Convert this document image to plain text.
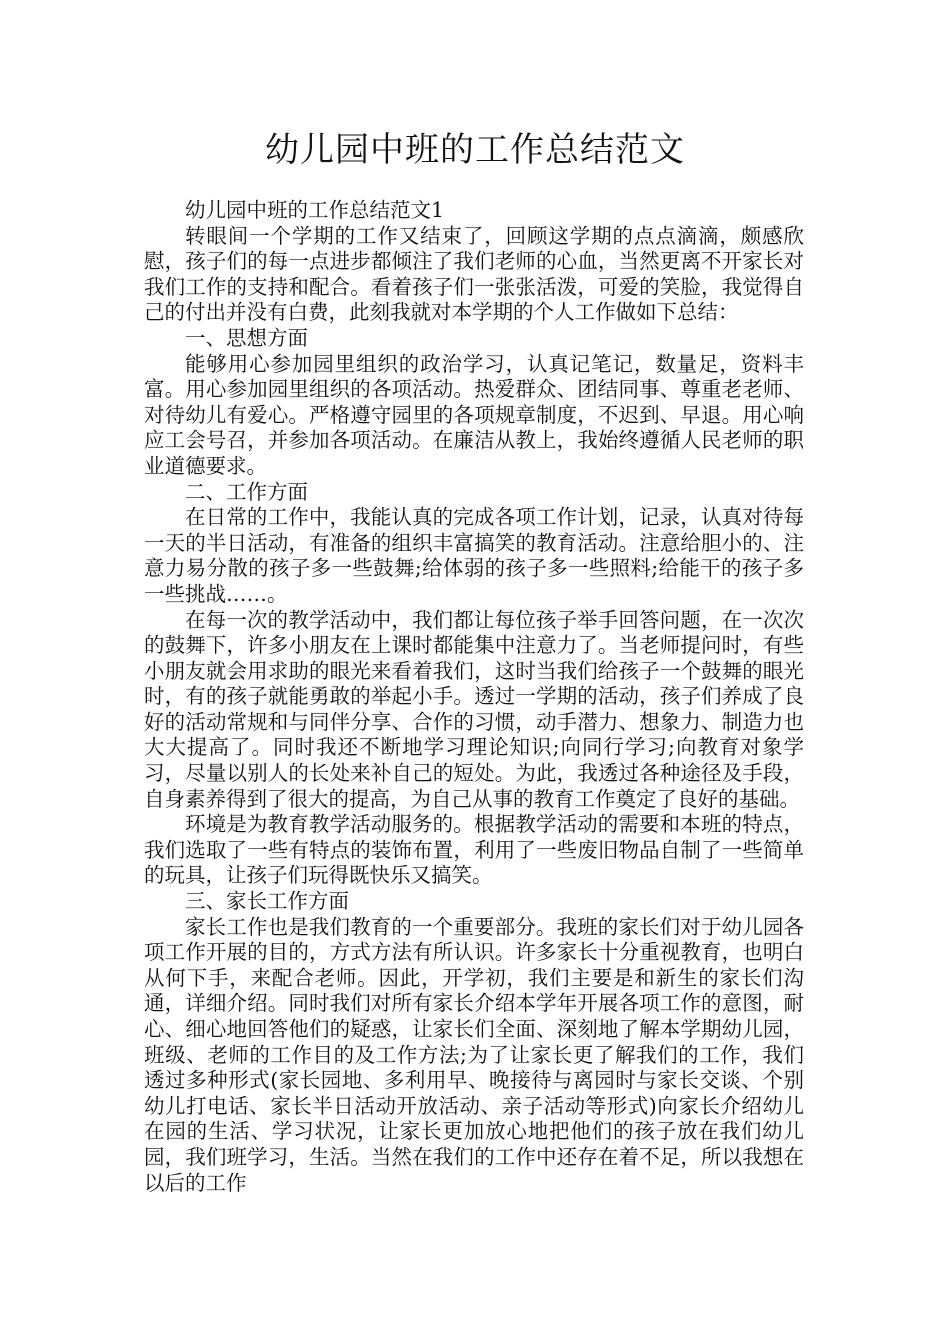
幼儿园中班的工作总结范文

幼儿园中班的工作总结范文1

转眼间一个学期的工作又结束了，回顾这学期的点点滴滴，颇感欣慰，孩子们的每一点进步都倾注了我们老师的心血，当然更离不开家长对我们工作的支持和配合。看着孩子们一张张活泼，可爱的笑脸，我觉得自己的付出并没有白费，此刻我就对本学期的个人工作做如下总结：

一、思想方面

能够用心参加园里组织的政治学习，认真记笔记，数量足，资料丰富。用心参加园里组织的各项活动。热爱群众、团结同事、尊重老老师、对待幼儿有爱心。严格遵守园里的各项规章制度，不迟到、早退。用心响应工会号召，并参加各项活动。在廉洁从教上，我始终遵循人民老师的职业道德要求。

二、工作方面

在日常的工作中，我能认真的完成各项工作计划，记录，认真对待每一天的半日活动，有准备的组织丰富搞笑的教育活动。注意给胆小的、注意力易分散的孩子多一些鼓舞;给体弱的孩子多一些照料;给能干的孩子多一些挑战……。

在每一次的教学活动中，我们都让每位孩子举手回答问题，在一次次的鼓舞下，许多小朋友在上课时都能集中注意力了。当老师提问时，有些小朋友就会用求助的眼光来看着我们，这时当我们给孩子一个鼓舞的眼光时，有的孩子就能勇敢的举起小手。透过一学期的活动，孩子们养成了良好的活动常规和与同伴分享、合作的习惯，动手潜力、想象力、制造力也大大提高了。同时我还不断地学习理论知识;向同行学习;向教育对象学习，尽量以别人的长处来补自己的短处。为此，我透过各种途径及手段，自身素养得到了很大的提高，为自己从事的教育工作奠定了良好的基础。

环境是为教育教学活动服务的。根据教学活动的需要和本班的特点，我们选取了一些有特点的装饰布置，利用了一些废旧物品自制了一些简单的玩具，让孩子们玩得既快乐又搞笑。

三、家长工作方面

家长工作也是我们教育的一个重要部分。我班的家长们对于幼儿园各项工作开展的目的，方式方法有所认识。许多家长十分重视教育，也明白从何下手，来配合老师。因此，开学初，我们主要是和新生的家长们沟通，详细介绍。同时我们对所有家长介绍本学年开展各项工作的意图，耐心、细心地回答他们的疑惑，让家长们全面、深刻地了解本学期幼儿园，班级、老师的工作目的及工作方法;为了让家长更了解我们的工作，我们透过多种形式(家长园地、多利用早、晚接待与离园时与家长交谈、个别幼儿打电话、家长半日活动开放活动、亲子活动等形式)向家长介绍幼儿在园的生活、学习状况，让家长更加放心地把他们的孩子放在我们幼儿园，我们班学习，生活。当然在我们的工作中还存在着不足，所以我想在以后的工作
